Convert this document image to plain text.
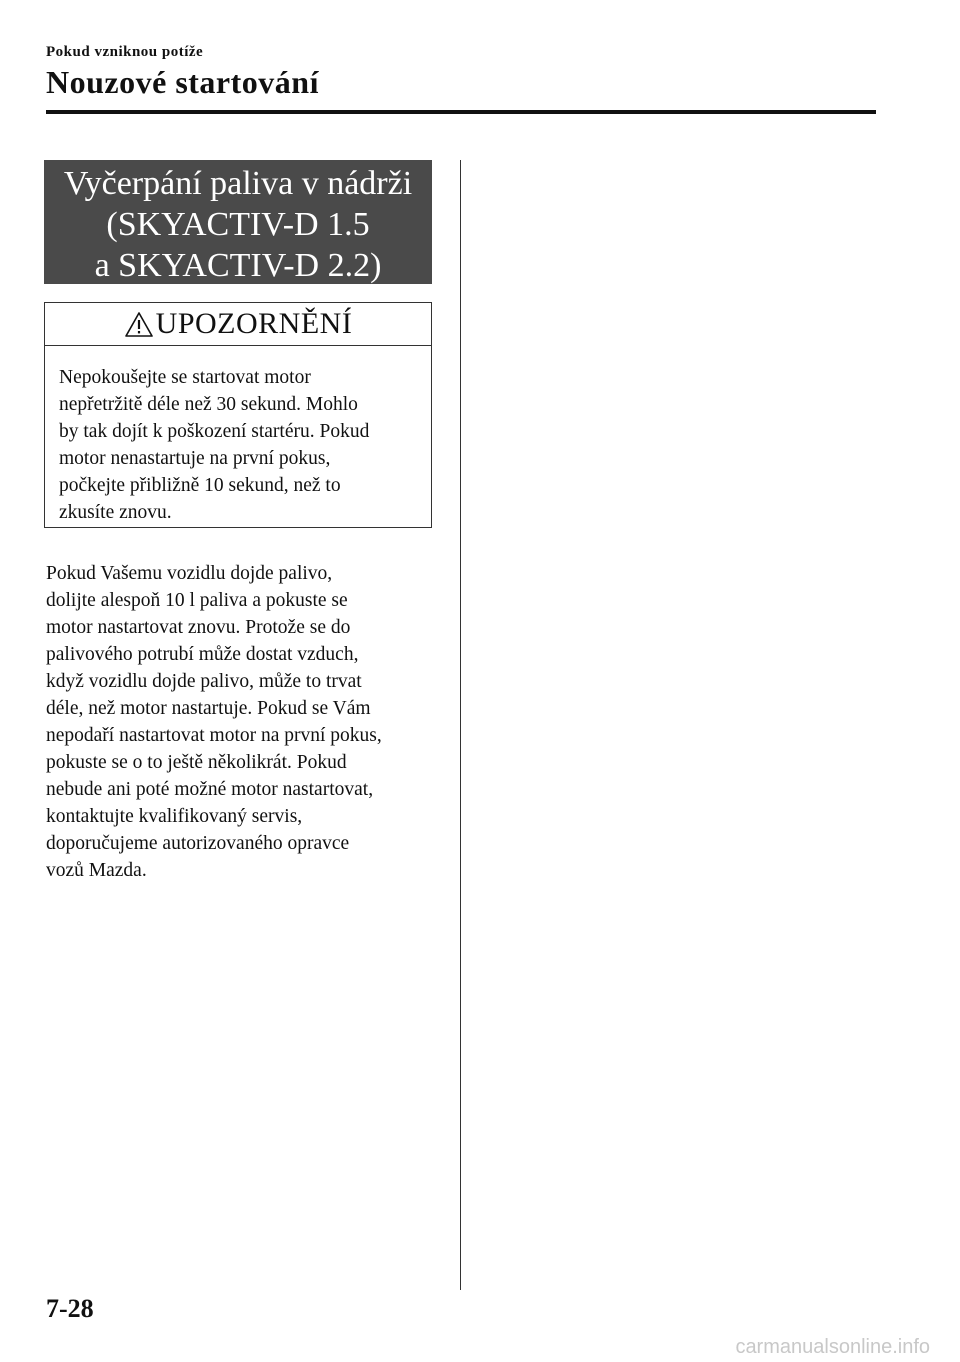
Pokud vzniknou potíže
Nouzové startování
Vyčerpání paliva v nádrži
(SKYACTIV-D 1.5
a SKYACTIV-D 2.2)
UPOZORNĚNÍ
Nepokoušejte se startovat motor
nepřetržitě déle než 30 sekund. Mohlo
by tak dojít k poškození startéru. Pokud
motor nenastartuje na první pokus,
počkejte přibližně 10 sekund, než to
zkusíte znovu.
Pokud Vašemu vozidlu dojde palivo,
dolijte alespoň 10 l paliva a pokuste se
motor nastartovat znovu. Protože se do
palivového potrubí může dostat vzduch,
když vozidlu dojde palivo, může to trvat
déle, než motor nastartuje. Pokud se Vám
nepodaří nastartovat motor na první pokus,
pokuste se o to ještě několikrát. Pokud
nebude ani poté možné motor nastartovat,
kontaktujte kvalifikovaný servis,
doporučujeme autorizovaného opravce
vozů Mazda.
7-28
carmanualsonline.info
